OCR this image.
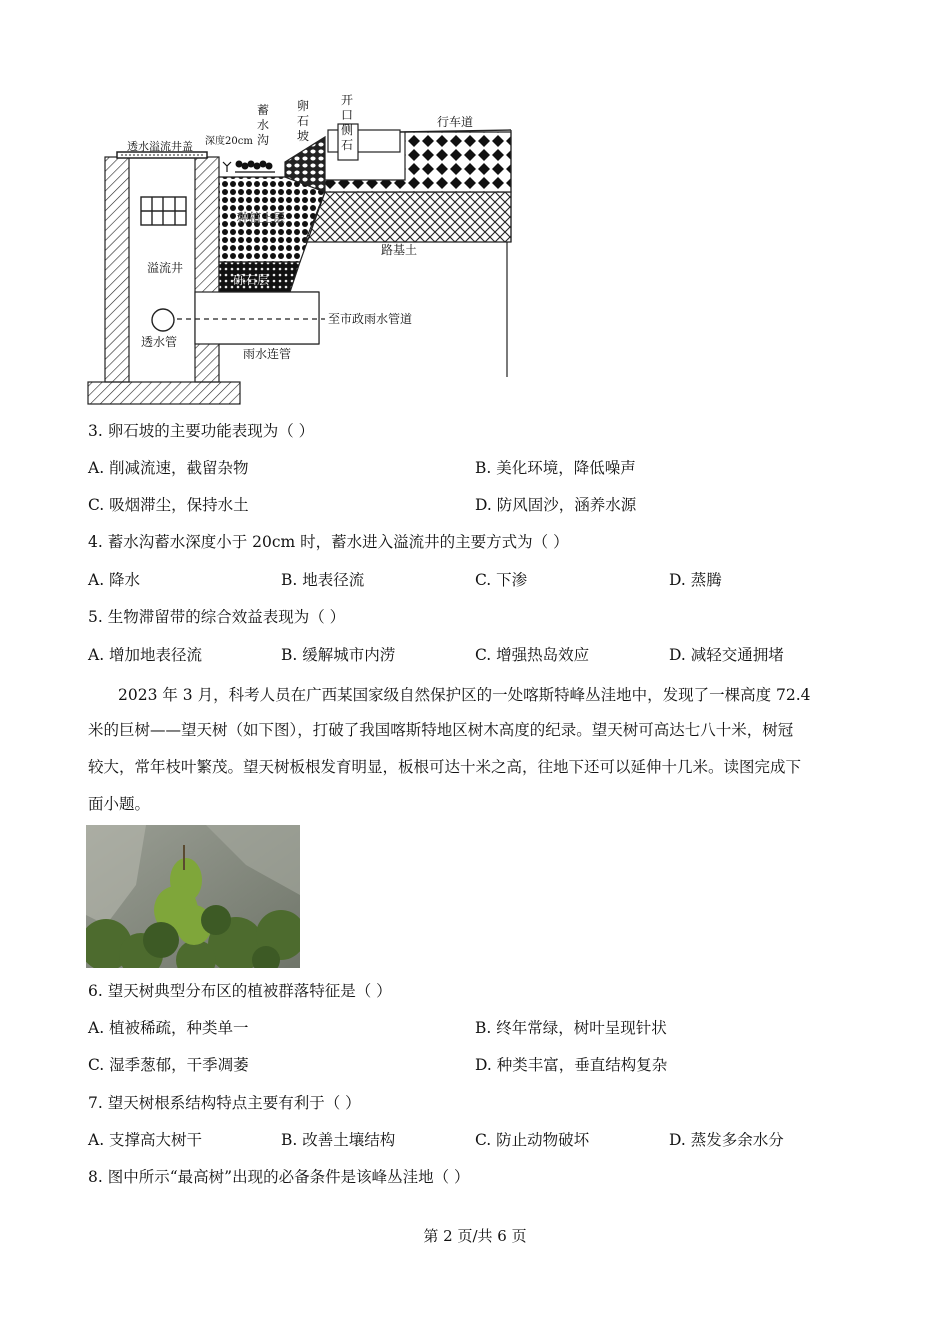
透水溢流井盖 深度20cm
行车道
种植土层
砾石层
路基土
溢流井
至市政雨水管道
透水管
雨水连管
蓄水沟
卵石坡
开口侧石
3. 卵石坡的主要功能表现为（ ）
A. 削减流速，截留杂物	B. 美化环境，降低噪声
C. 吸烟滞尘，保持水土	D. 防风固沙，涵养水源
4. 蓄水沟蓄水深度小于 20cm 时，蓄水进入溢流井的主要方式为（ ）
A. 降水	B. 地表径流	C. 下渗	D. 蒸腾
5. 生物滞留带的综合效益表现为（ ）
A. 增加地表径流	B. 缓解城市内涝	C. 增强热岛效应	D. 减轻交通拥堵
2023 年 3 月，科考人员在广西某国家级自然保护区的一处喀斯特峰丛洼地中，发现了一棵高度 72.4
米的巨树——望天树（如下图），打破了我国喀斯特地区树木高度的纪录。望天树可高达七八十米，树冠
较大，常年枝叶繁茂。望天树板根发育明显，板根可达十米之高，往地下还可以延伸十几米。读图完成下
面小题。
6. 望天树典型分布区的植被群落特征是（ ）
A. 植被稀疏，种类单一	B. 终年常绿，树叶呈现针状
C. 湿季葱郁，干季凋萎	D. 种类丰富，垂直结构复杂
7. 望天树根系结构特点主要有利于（ ）
A. 支撑高大树干	B. 改善土壤结构	C. 防止动物破坏	D. 蒸发多余水分
8. 图中所示“最高树”出现的必备条件是该峰丛洼地（ ）
第 2 页/共 6 页
